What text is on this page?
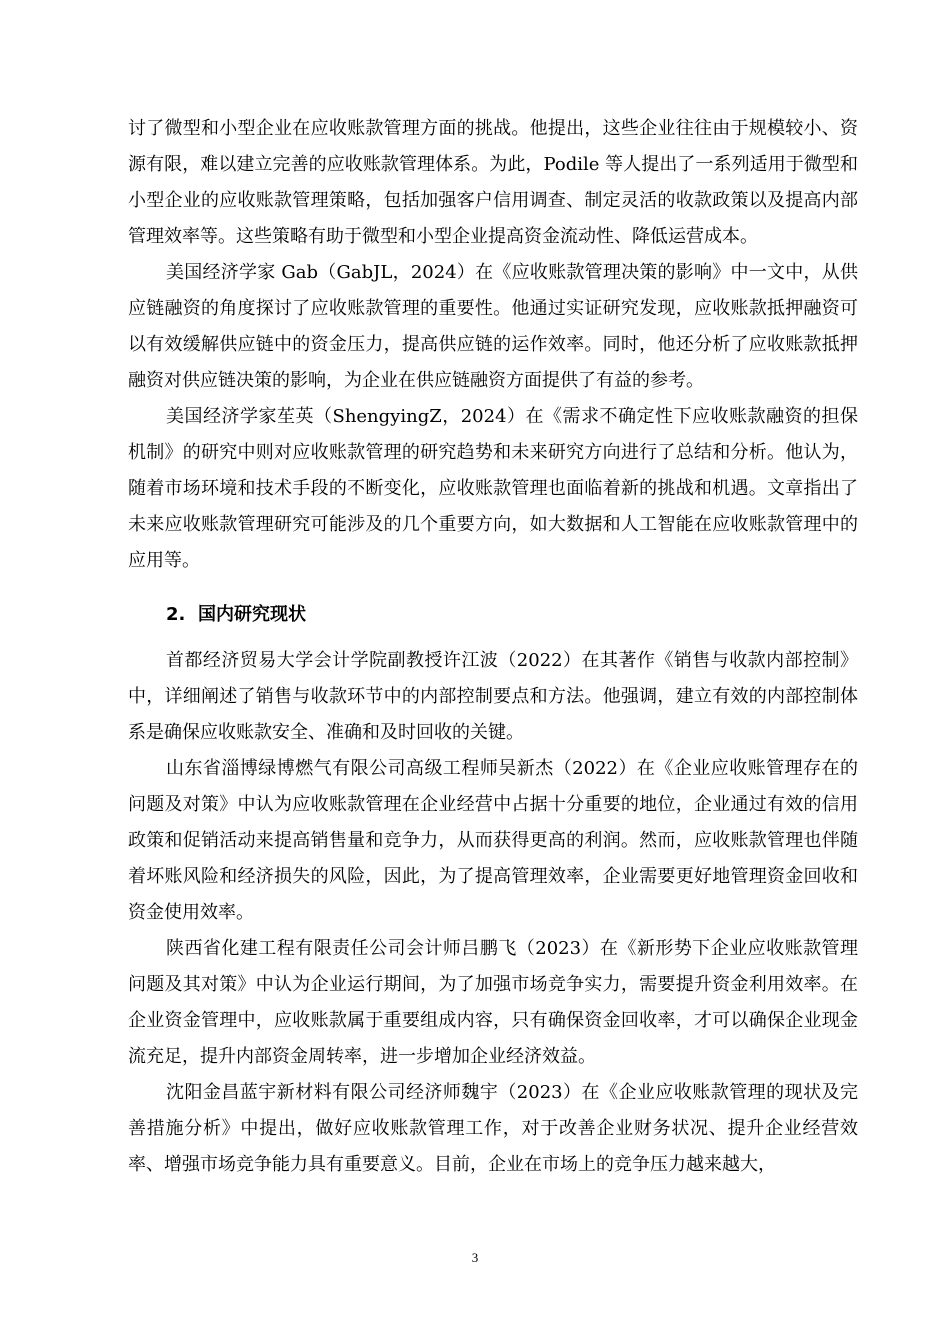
讨了微型和小型企业在应收账款管理方面的挑战。他提出，这些企业往往由于规模较小、资源有限，难以建立完善的应收账款管理体系。为此，Podile 等人提出了一系列适用于微型和小型企业的应收账款管理策略，包括加强客户信用调查、制定灵活的收款政策以及提高内部管理效率等。这些策略有助于微型和小型企业提高资金流动性、降低运营成本。

美国经济学家 Gab（GabJL，2024）在《应收账款管理决策的影响》中一文中，从供应链融资的角度探讨了应收账款管理的重要性。他通过实证研究发现，应收账款抵押融资可以有效缓解供应链中的资金压力，提高供应链的运作效率。同时，他还分析了应收账款抵押融资对供应链决策的影响，为企业在供应链融资方面提供了有益的参考。

美国经济学家苼英（ShengyingZ，2024）在《需求不确定性下应收账款融资的担保机制》的研究中则对应收账款管理的研究趋势和未来研究方向进行了总结和分析。他认为，随着市场环境和技术手段的不断变化，应收账款管理也面临着新的挑战和机遇。文章指出了未来应收账款管理研究可能涉及的几个重要方向，如大数据和人工智能在应收账款管理中的应用等。

2. 国内研究现状

首都经济贸易大学会计学院副教授许江波（2022）在其著作《销售与收款内部控制》中，详细阐述了销售与收款环节中的内部控制要点和方法。他强调，建立有效的内部控制体系是确保应收账款安全、准确和及时回收的关键。

山东省淄博绿博燃气有限公司高级工程师吴新杰（2022）在《企业应收账管理存在的问题及对策》中认为应收账款管理在企业经营中占据十分重要的地位，企业通过有效的信用政策和促销活动来提高销售量和竞争力，从而获得更高的利润。然而，应收账款管理也伴随着坏账风险和经济损失的风险，因此，为了提高管理效率，企业需要更好地管理资金回收和资金使用效率。

陕西省化建工程有限责任公司会计师吕鹏飞（2023）在《新形势下企业应收账款管理问题及其对策》中认为企业运行期间，为了加强市场竞争实力，需要提升资金利用效率。在企业资金管理中，应收账款属于重要组成内容，只有确保资金回收率，才可以确保企业现金流充足，提升内部资金周转率，进一步增加企业经济效益。

沈阳金昌蓝宇新材料有限公司经济师魏宇（2023）在《企业应收账款管理的现状及完善措施分析》中提出，做好应收账款管理工作，对于改善企业财务状况、提升企业经营效率、增强市场竞争能力具有重要意义。目前，企业在市场上的竞争压力越来越大，

3
